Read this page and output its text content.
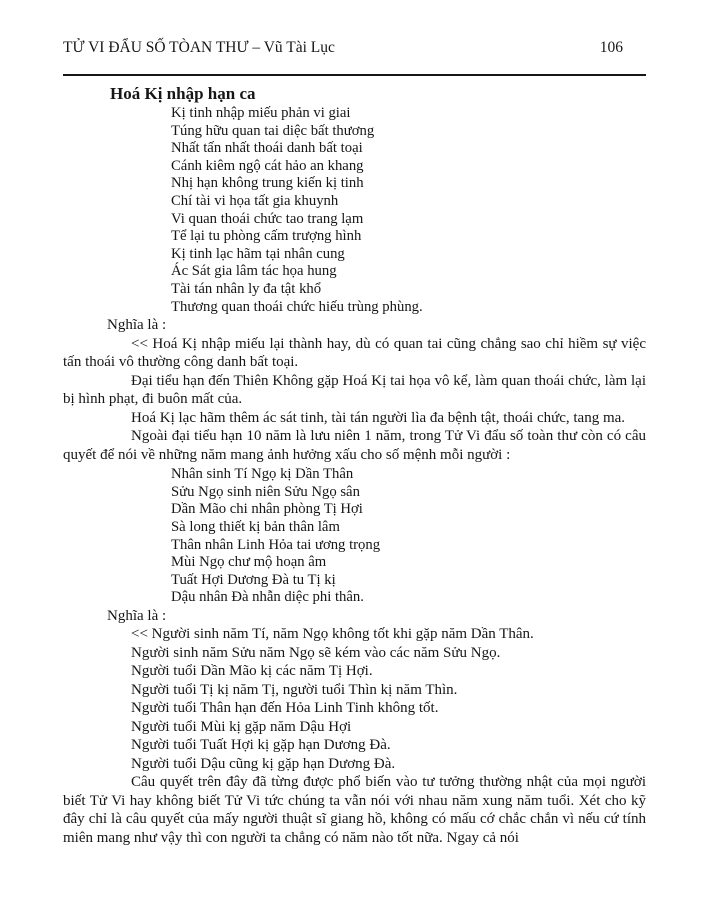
TỬ VI ĐẨU SỐ TÒAN THƯ – Vũ Tài Lục	106
Hoá Kị nhập hạn ca
Kị tinh nhập miếu phản vi giai
Túng hữu quan tai diệc bất thương
Nhất tấn nhất thoái danh bất toại
Cánh kiêm ngộ cát hảo an khang
Nhị hạn không trung kiến kị tinh
Chí tài vi họa tất gia khuynh
Vi quan thoái chức tao trang lạm
Tể lại tu phòng cấm trượng hình
Kị tinh lạc hãm tại nhân cung
Ác Sát gia lâm tác họa hung
Tài tán nhân ly đa tật khổ
Thương quan thoái chức hiếu trùng phùng.
Nghĩa là :

<< Hoá Kị nhập miếu lại thành hay, dù có quan tai cũng chẳng sao chỉ hiềm sự việc tấn thoái vô thường công danh bất toại.

Đại tiểu hạn đến Thiên Không gặp Hoá Kị tai họa vô kể, làm quan thoái chức, làm lại bị hình phạt, đi buôn mất của.

Hoá Kị lạc hãm thêm ác sát tinh, tài tán người lìa đa bệnh tật, thoái chức, tang ma.

Ngoài đại tiểu hạn 10 năm là lưu niên 1 năm, trong Tử Vi đẩu số toàn thư còn có câu quyết để nói về những năm mang ảnh hưởng xấu cho số mệnh mỗi người :

Nhân sinh Tí Ngọ kị Dần Thân
Sửu Ngọ sinh niên Sửu Ngọ sân
Dần Mão chi nhân phòng Tị Hợi
Sà long thiết kị bản thân lâm
Thân nhân Linh Hỏa tai ương trọng
Mùi Ngọ chư mộ hoạn âm
Tuất Hợi Dương Đà tu Tị kị
Dậu nhân Đà nhẫn diệc phi thân.
Nghĩa là :
<< Người sinh năm Tí, năm Ngọ không tốt khi gặp năm Dần Thân.
Người sinh năm Sửu năm Ngọ sẽ kém vào các năm Sửu Ngọ.
Người tuổi Dần Mão kị các năm Tị Hợi.
Người tuổi Tị kị năm Tị, người tuổi Thìn kị năm Thìn.
Người tuổi Thân hạn đến Hỏa Linh Tinh không tốt.
Người tuổi Mùi kị gặp năm Dậu Hợi
Người tuổi Tuất Hợi kị gặp hạn Dương Đà.
Người tuổi Dậu cũng kị gặp hạn Dương Đà.

Câu quyết trên đây đã từng được phổ biến vào tư tưởng thường nhật của mọi người biết Tử Vi hay không biết Tử Vi tức chúng ta vẫn nói với nhau năm xung năm tuổi. Xét cho kỹ đây chỉ là câu quyết của mấy người thuật sĩ giang hồ, không có mấu cớ chắc chắn vì nếu cứ tính miên mang như vậy thì con người ta chẳng có năm nào tốt nữa. Ngay cả nói
